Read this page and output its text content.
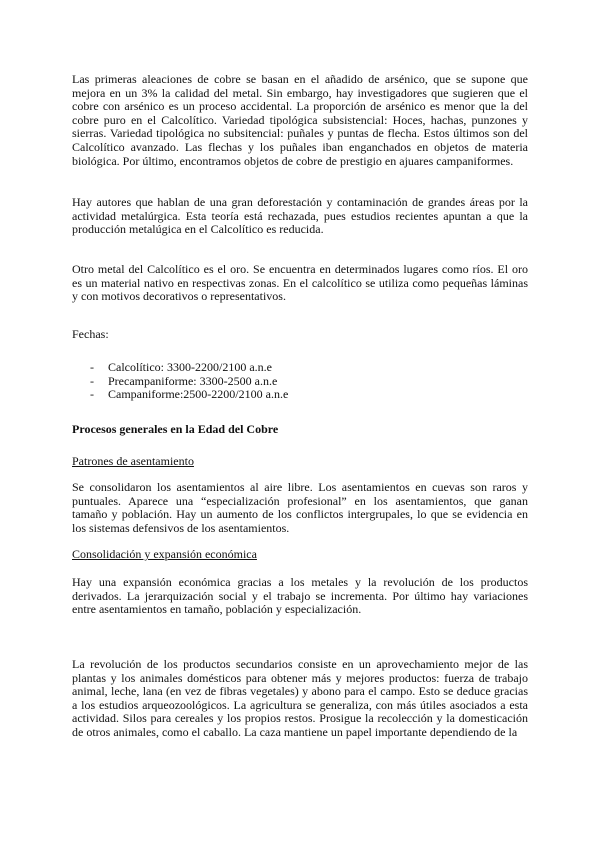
Las primeras aleaciones de cobre se basan en el añadido de arsénico, que se supone que
mejora en un 3% la calidad del metal. Sin embargo, hay investigadores que sugieren que el
cobre con arsénico es un proceso accidental. La proporción de arsénico es menor que la del
cobre puro en el Calcolítico. Variedad tipológica subsistencial: Hoces, hachas, punzones y
sierras. Variedad tipológica no subsitencial: puñales y puntas de flecha. Estos últimos son del
Calcolítico avanzado. Las flechas y los puñales iban enganchados en objetos de materia
biológica. Por último, encontramos objetos de cobre de prestigio en ajuares campaniformes.
Hay autores que hablan de una gran deforestación y contaminación de grandes áreas por la
actividad metalúrgica. Esta teoría está rechazada, pues estudios recientes apuntan a que la
producción metalúgica en el Calcolítico es reducida.
Otro metal del Calcolítico es el oro. Se encuentra en determinados lugares como ríos. El oro
es un material nativo en respectivas zonas. En el calcolítico se utiliza como pequeñas láminas
y con motivos decorativos o representativos.
Fechas:
- Calcolítico: 3300-2200/2100 a.n.e
- Precampaniforme: 3300-2500 a.n.e
- Campaniforme:2500-2200/2100 a.n.e
Procesos generales en la Edad del Cobre
Patrones de asentamiento
Se consolidaron los asentamientos al aire libre. Los asentamientos en cuevas son raros y
puntuales. Aparece una “especialización profesional” en los asentamientos, que ganan
tamaño y población. Hay un aumento de los conflictos intergrupales, lo que se evidencia en
los sistemas defensivos de los asentamientos.
Consolidación y expansión económica
Hay una expansión económica gracias a los metales y la revolución de los productos
derivados. La jerarquización social y el trabajo se incrementa. Por último hay variaciones
entre asentamientos en tamaño, población y especialización.
La revolución de los productos secundarios consiste en un aprovechamiento mejor de las
plantas y los animales domésticos para obtener más y mejores productos: fuerza de trabajo
animal, leche, lana (en vez de fibras vegetales) y abono para el campo. Esto se deduce gracias
a los estudios arqueozoológicos. La agricultura se generaliza, con más útiles asociados a esta
actividad. Silos para cereales y los propios restos. Prosigue la recolección y la domesticación
de otros animales, como el caballo. La caza mantiene un papel importante dependiendo de la
